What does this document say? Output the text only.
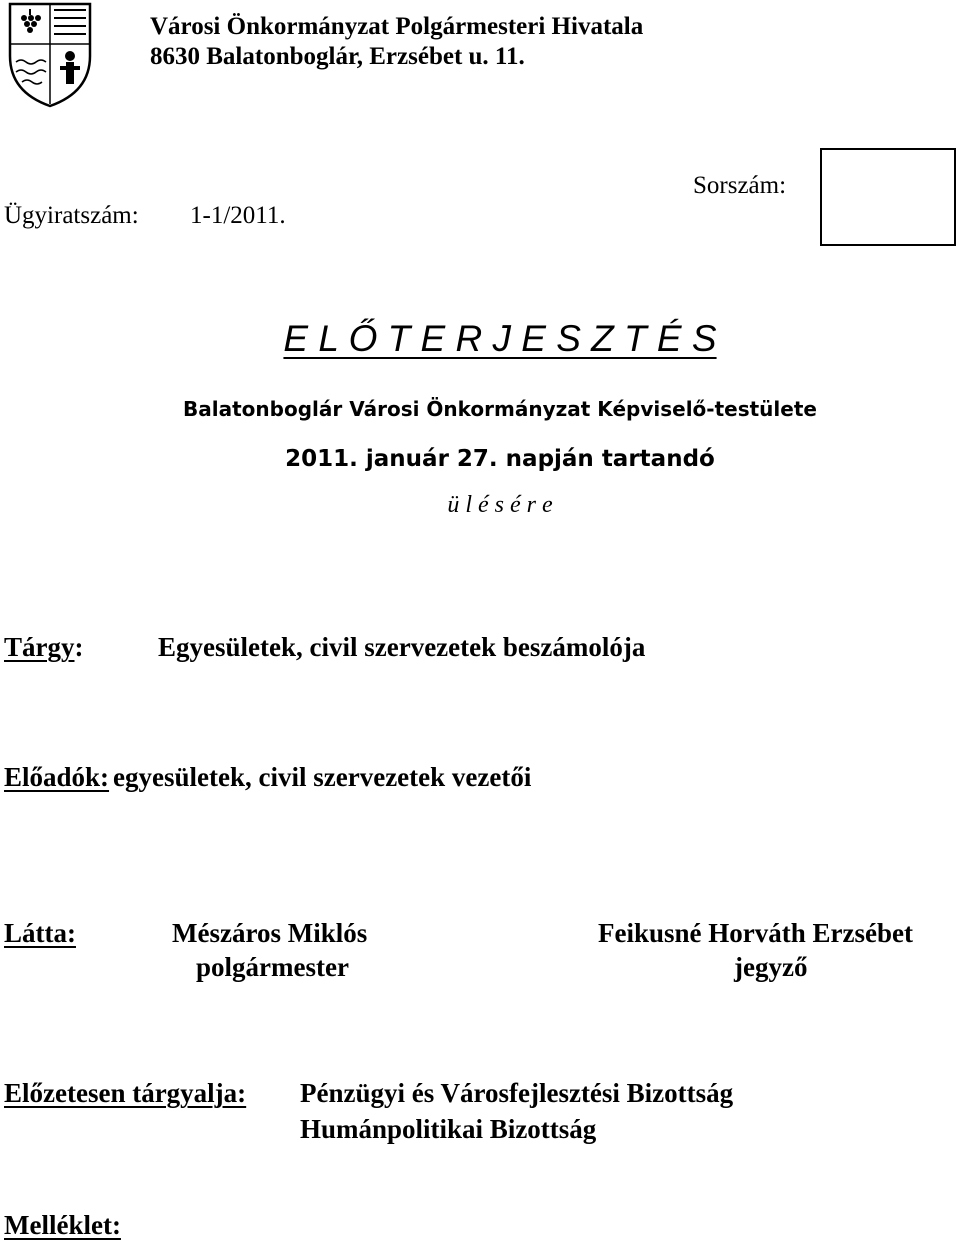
Városi Önkormányzat Polgármesteri Hivatala
8630 Balatonboglár, Erzsébet u. 11.
Ügyiratszám: 1-1/2011.
Sorszám:
E L Ő T E R J E S Z T É S
Balatonboglár Városi Önkormányzat Képviselő-testülete
2011. január 27. napján tartandó
ü l é s é r e
Tárgy:	Egyesületek, civil szervezetek beszámolója
Előadók: egyesületek, civil szervezetek vezetői
Látta:	Mészáros Miklós
polgármester
Feikusné Horváth Erzsébet
jegyző
Előzetesen tárgyalja: Pénzügyi és Városfejlesztési Bizottság
Humánpolitikai Bizottság
Melléklet:
